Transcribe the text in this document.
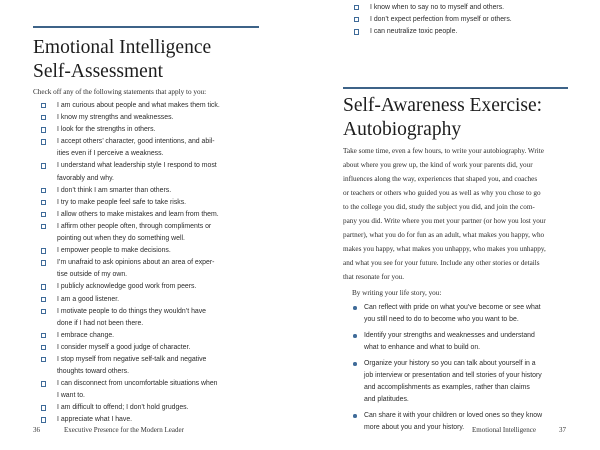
Emotional Intelligence
Self-Assessment

Check off any of the following statements that apply to you:

I am curious about people and what makes them tick.
I know my strengths and weaknesses.
I look for the strengths in others.
I accept others’ character, good intentions, and abil-
ities even if I perceive a weakness.
I understand what leadership style I respond to most
favorably and why.
I don’t think I am smarter than others.
I try to make people feel safe to take risks.
I allow others to make mistakes and learn from them.
I affirm other people often, through compliments or
pointing out when they do something well.
I empower people to make decisions.
I’m unafraid to ask opinions about an area of exper-
tise outside of my own.
I publicly acknowledge good work from peers.
I am a good listener.
I motivate people to do things they wouldn’t have
done if I had not been there.
I embrace change.
I consider myself a good judge of character.
I stop myself from negative self-talk and negative
thoughts toward others.
I can disconnect from uncomfortable situations when
I want to.
I am difficult to offend; I don’t hold grudges.
I appreciate what I have.
36	Executive Presence for the Modern Leader
I know when to say no to myself and others.
I don’t expect perfection from myself or others.
I can neutralize toxic people.
Self-Awareness Exercise:
Autobiography

Take some time, even a few hours, to write your autobiography. Write
about where you grew up, the kind of work your parents did, your
influences along the way, experiences that shaped you, and coaches
or teachers or others who guided you as well as why you chose to go
to the college you did, study the subject you did, and join the com-
pany you did. Write where you met your partner (or how you lost your
partner), what you do for fun as an adult, what makes you happy, who
makes you happy, what makes you unhappy, who makes you unhappy,
and what you see for your future. Include any other stories or details
that resonate for you.

By writing your life story, you:

Can reflect with pride on what you’ve become or see what
you still need to do to become who you want to be.
Identify your strengths and weaknesses and understand
what to enhance and what to build on.
Organize your history so you can talk about yourself in a
job interview or presentation and tell stories of your history
and accomplishments as examples, rather than claims
and platitudes.
Can share it with your children or loved ones so they know
more about you and your history.	Emotional Intelligence	37
